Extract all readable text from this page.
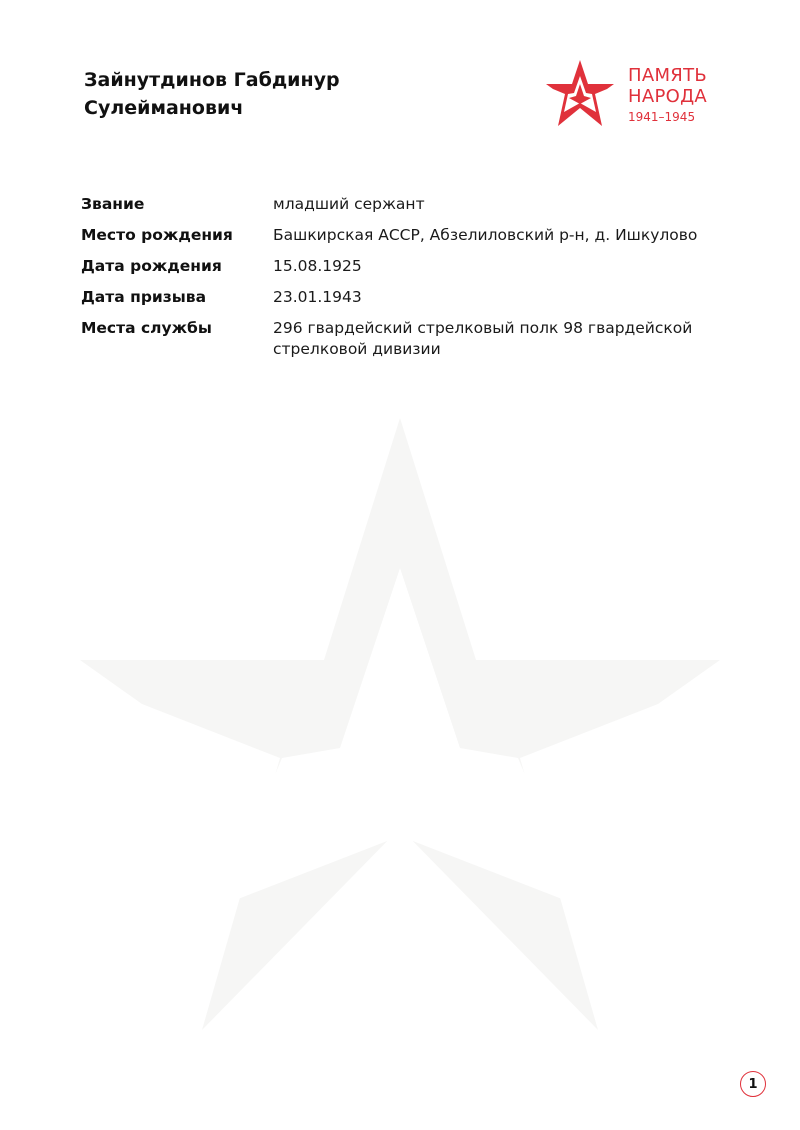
Зайнутдинов Габдинур
Сулейманович
ПАМЯТЬ
НАРОДА
1941–1945
Звание	младший сержант
Место рождения	Башкирская АССР, Абзелиловский р-н, д. Ишкулово
Дата рождения	15.08.1925
Дата призыва	23.01.1943
Места службы	296 гвардейский стрелковый полк 98 гвардейской стрелковой дивизии
1
